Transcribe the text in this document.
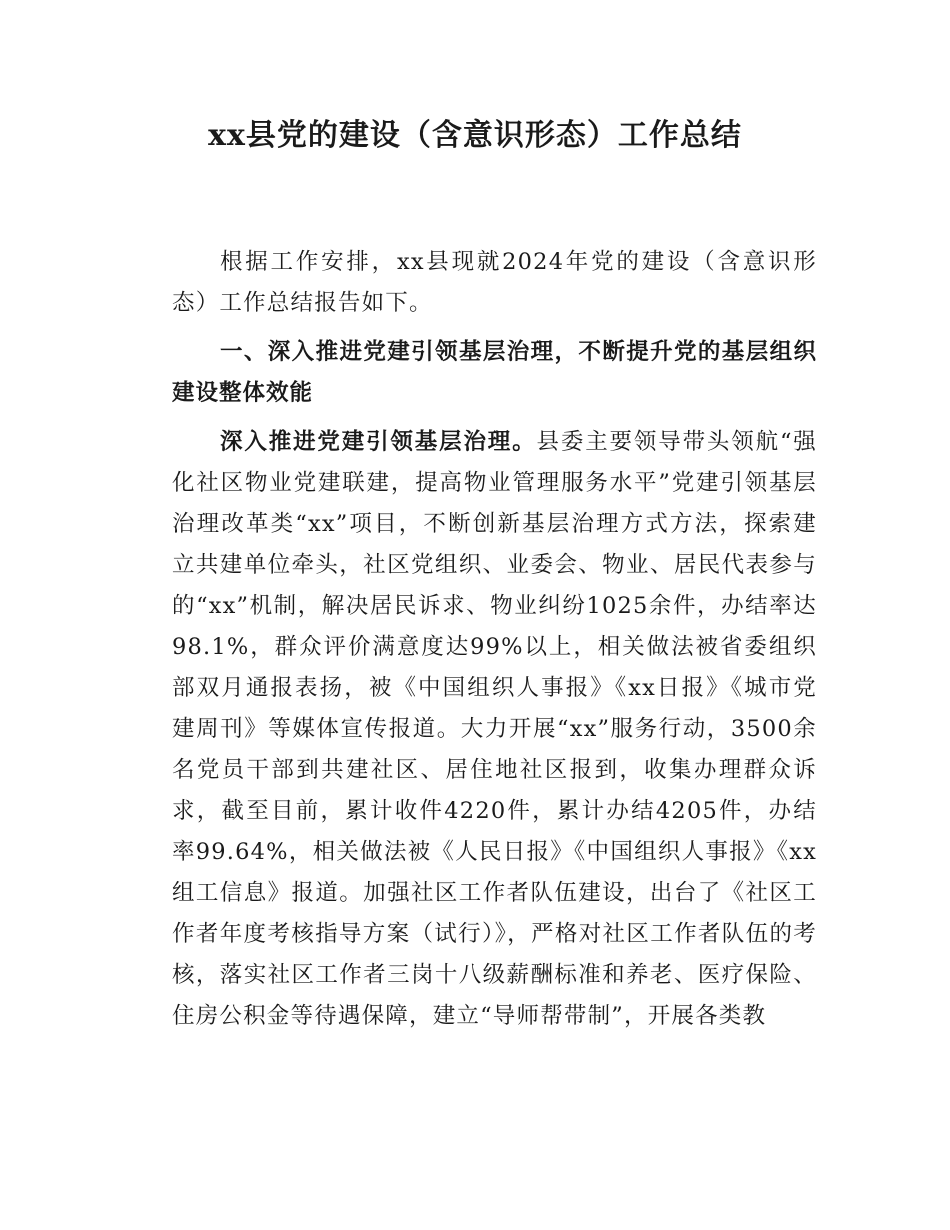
xx县党的建设（含意识形态）工作总结

根据工作安排，xx县现就2024年党的建设（含意识形态）工作总结报告如下。

一、深入推进党建引领基层治理，不断提升党的基层组织建设整体效能

深入推进党建引领基层治理。县委主要领导带头领航“强化社区物业党建联建，提高物业管理服务水平”党建引领基层治理改革类“xx”项目，不断创新基层治理方式方法，探索建立共建单位牵头，社区党组织、业委会、物业、居民代表参与的“xx”机制，解决居民诉求、物业纠纷1025余件，办结率达98.1%，群众评价满意度达99%以上，相关做法被省委组织部双月通报表扬，被《中国组织人事报》《xx日报》《城市党建周刊》等媒体宣传报道。大力开展“xx”服务行动，3500余名党员干部到共建社区、居住地社区报到，收集办理群众诉求，截至目前，累计收件4220件，累计办结4205件，办结率99.64%，相关做法被《人民日报》《中国组织人事报》《xx组工信息》报道。加强社区工作者队伍建设，出台了《社区工作者年度考核指导方案（试行）》，严格对社区工作者队伍的考核，落实社区工作者三岗十八级薪酬标准和养老、医疗保险、住房公积金等待遇保障，建立“导师帮带制”，开展各类教
